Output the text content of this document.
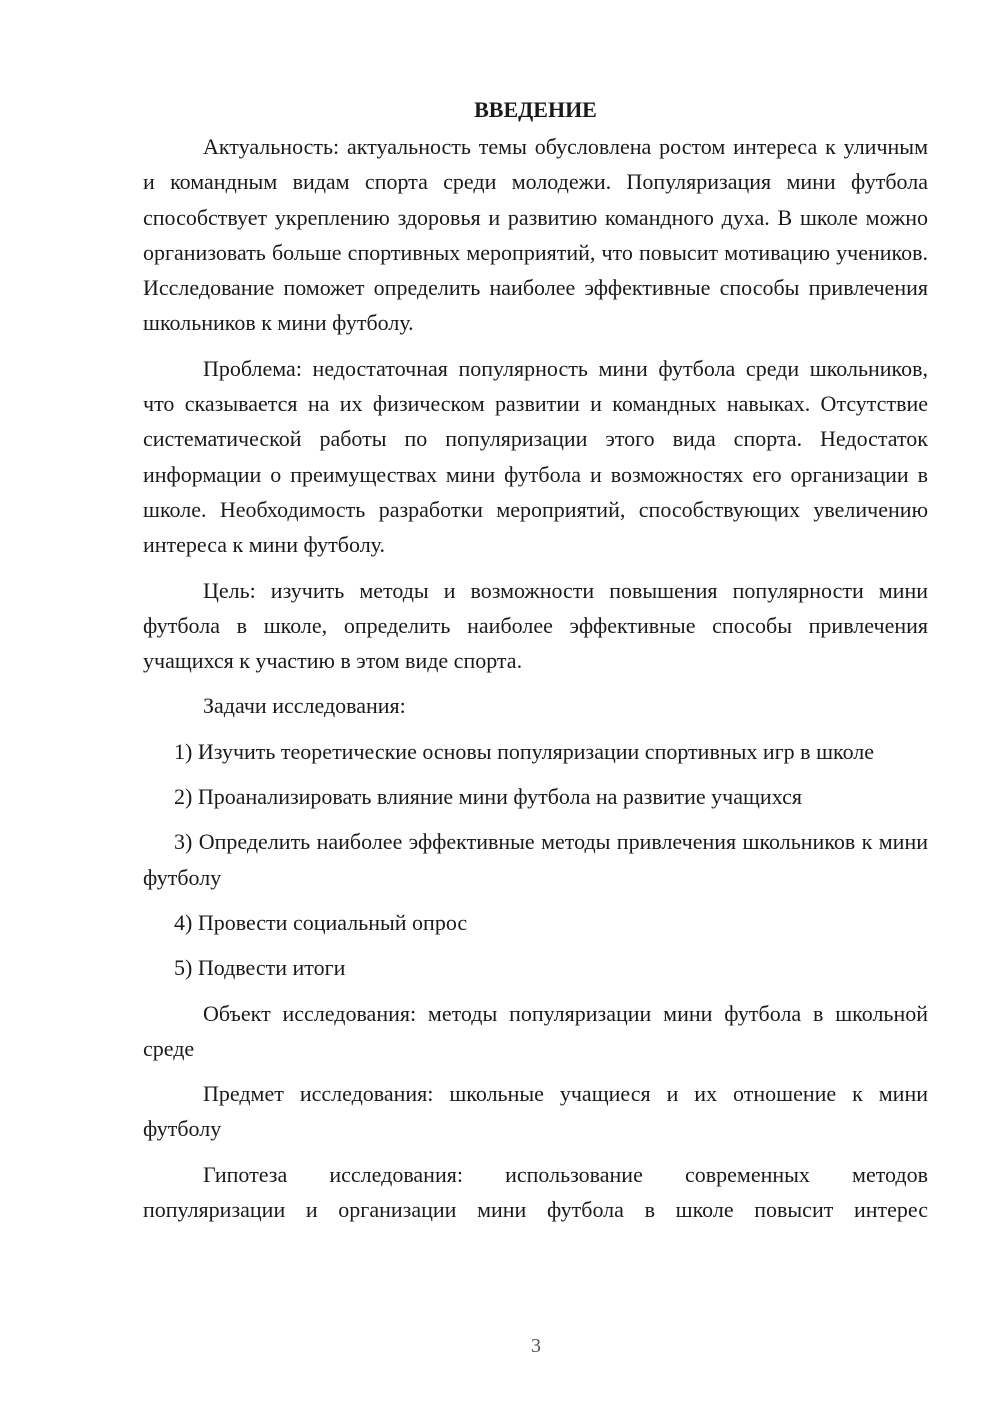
ВВЕДЕНИЕ

Актуальность: актуальность темы обусловлена ростом интереса к уличным и командным видам спорта среди молодежи. Популяризация мини футбола способствует укреплению здоровья и развитию командного духа. В школе можно организовать больше спортивных мероприятий, что повысит мотивацию учеников. Исследование поможет определить наиболее эффективные способы привлечения школьников к мини футболу.

Проблема: недостаточная популярность мини футбола среди школьников, что сказывается на их физическом развитии и командных навыках. Отсутствие систематической работы по популяризации этого вида спорта. Недостаток информации о преимуществах мини футбола и возможностях его организации в школе. Необходимость разработки мероприятий, способствующих увеличению интереса к мини футболу.

Цель: изучить методы и возможности повышения популярности мини футбола в школе, определить наиболее эффективные способы привлечения учащихся к участию в этом виде спорта.

Задачи исследования:

1) Изучить теоретические основы популяризации спортивных игр в школе

2) Проанализировать влияние мини футбола на развитие учащихся

3) Определить наиболее эффективные методы привлечения школьников к мини футболу

4) Провести социальный опрос

5) Подвести итоги

Объект исследования: методы популяризации мини футбола в школьной среде

Предмет исследования: школьные учащиеся и их отношение к мини футболу

Гипотеза исследования: использование современных методов популяризации и организации мини футбола в школе повысит интерес

3
